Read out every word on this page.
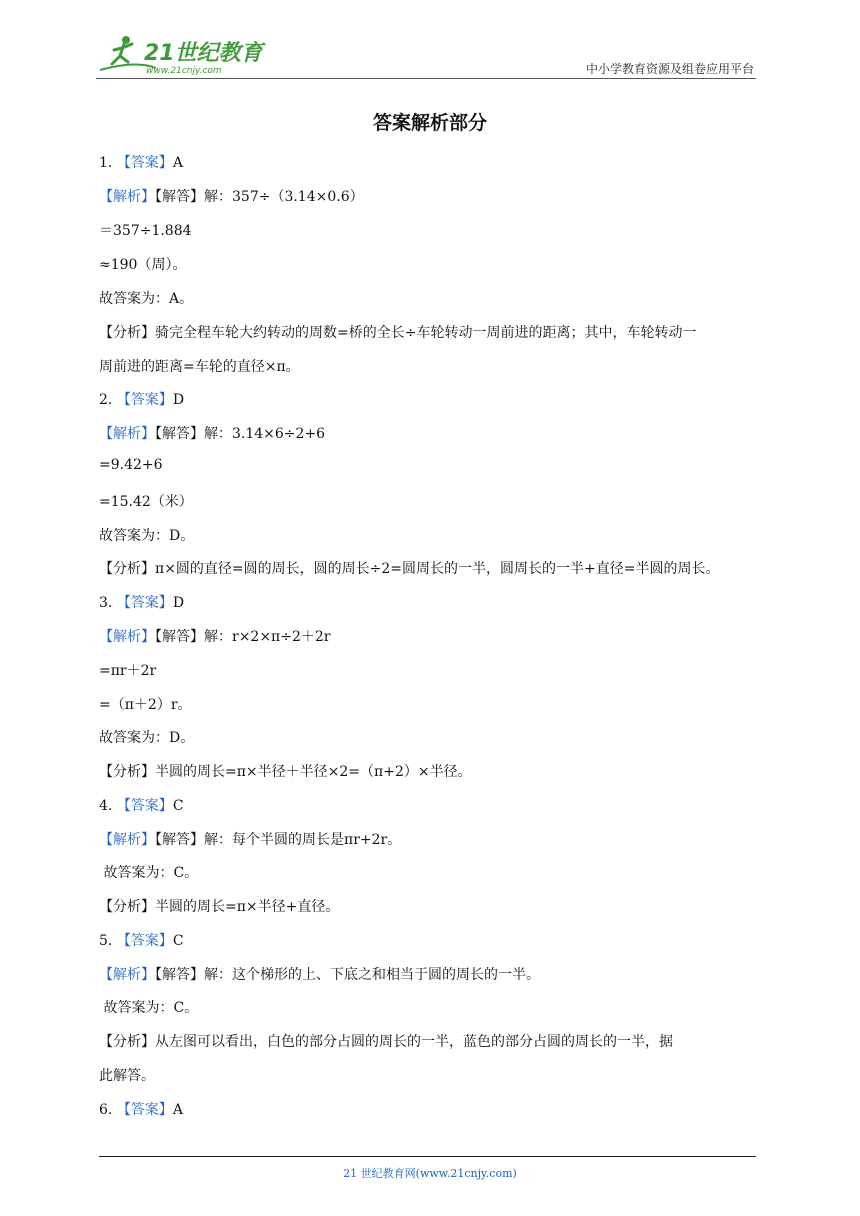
21世纪教育
www.21cnjy.com	中小学教育资源及组卷应用平台
答案解析部分
1. 【答案】A
【解析】【解答】解：357÷（3.14×0.6）
＝357÷1.884
≈190（周）。
故答案为：A。
【分析】骑完全程车轮大约转动的周数=桥的全长÷车轮转动一周前进的距离；其中，车轮转动一
周前进的距离=车轮的直径×π。
2. 【答案】D
【解析】【解答】解：3.14×6÷2+6
=9.42+6
=15.42（米）
故答案为：D。
【分析】π×圆的直径=圆的周长，圆的周长÷2=圆周长的一半，圆周长的一半+直径=半圆的周长。
3. 【答案】D
【解析】【解答】解：r×2×π÷2＋2r
=πr＋2r
=（π＋2）r。
故答案为：D。
【分析】半圆的周长=π×半径＋半径×2=（π+2）×半径。
4. 【答案】C
【解析】【解答】解：每个半圆的周长是πr+2r。
故答案为：C。
【分析】半圆的周长=π×半径+直径。
5. 【答案】C
【解析】【解答】解：这个梯形的上、下底之和相当于圆的周长的一半。
故答案为：C。
【分析】从左图可以看出，白色的部分占圆的周长的一半，蓝色的部分占圆的周长的一半，据
此解答。
6. 【答案】A
21 世纪教育网(www.21cnjy.com)
